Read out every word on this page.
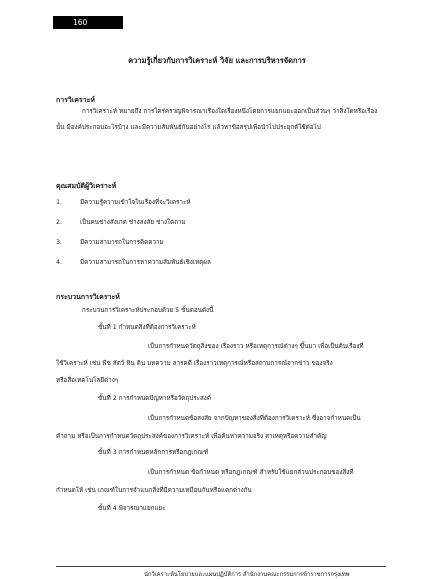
160
ความรู้เกี่ยวกับการวิเคราะห์ วิจัย และการบริหารจัดการ
การวิเคราะห์

การวิเคราะห์ หมายถึง การใคร่ครวญพิจารณาเรื่องใดเรื่องหนึ่งโดยการแยกแยะออกเป็นส่วนๆ ว่าสิ่งใดหรือเรื่องนั้น มีองค์ประกอบอะไรบ้าง และมีความสัมพันธ์กันอย่างไร แล้วหาข้อสรุปเพื่อนำไปประยุกต์ใช้ต่อไป

คุณสมบัติผู้วิเคราะห์
1.	มีความรู้ความเข้าใจในเรื่องที่จะวิเคราะห์
2.	เป็นคนช่างสังเกต ช่างสงสัย ช่างใดถาม
3.	มีความสามารถในการคิดความ
4.	มีความสามารถในการหาความสัมพันธ์เชิงเหตุผล
กระบวนการวิเคราะห์
กระบวนการวิเคราะห์ประกอบด้วย 5 ขั้นตอนดังนี้
ขั้นที่ 1 กำหนดสิ่งที่ต้องการวิเคราะห์
เป็นการกำหนดวัตถุสิ่งของ เรื่องราว หรือเหตุการณ์ต่างๆ ขึ้นมา เพื่อเป็นต้นเรื่องที่
ใช้วิเคราะห์ เช่น พืช สัตว์ หิน ดิน บทความ ลารคดี เรื่องราวเหตุการณ์หรือสถานการณ์จากข่าว ของจริง
หรือสื่อเทคโนโลยีต่างๆ
ขั้นที่ 2 การกำหนดปัญหาหรือวัตถุประสงค์
เป็นการกำหนดข้อสงสัย จากปัญหาของสิ่งที่ต้องการวิเคราะห์ ซึ่งอาจกำหนดเป็น
คำถาม หรือเป็นการกำหนดวัตถุประสงค์ของการวิเคราะห์ เพื่อค้นหาความจริง สาเหตุหรือความสำคัญ
ขั้นที่ 3 การกำหนดหลักการหรือกฎเกณฑ์
เป็นการกำหนด ข้อกำหนด หรือกฎเกณฑ์ สำหรับใช้แยกส่วนประกอบของสิ่งที่
กำหนดให้ เช่น เกณฑ์ในการจำแนกสิ่งที่มีความเหมือนกันหรือแตกต่างกัน
ขั้นที่ 4 พิจารณาแยกแยะ
นักวิเคราะห์นโยบายและแผนปฏิบัติการ สำนักงานคณะกรรมการข้าราชการกรุงเทพ
